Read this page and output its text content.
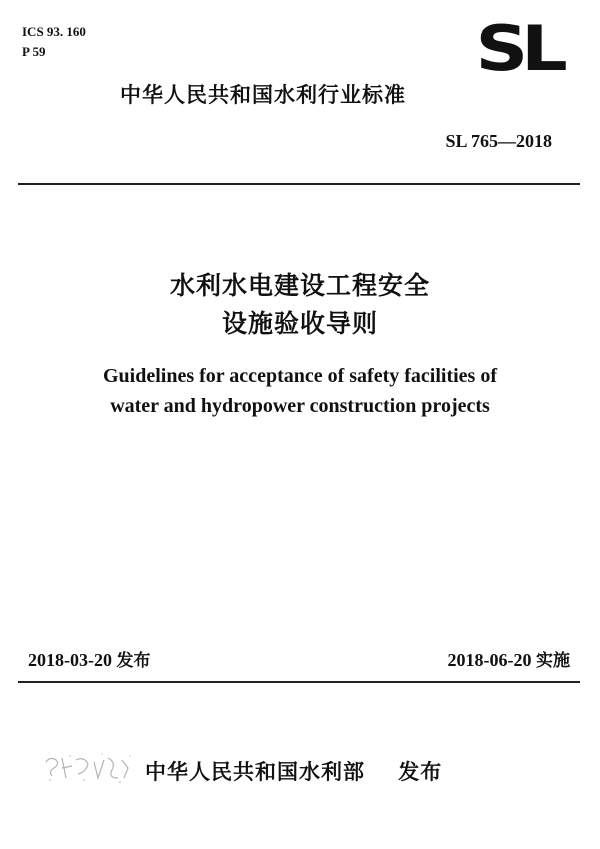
ICS 93. 160
P 59	SL
中华人民共和国水利行业标准
SL 765—2018
水利水电建设工程安全
设施验收导则
Guidelines for acceptance of safety facilities of
water and hydropower construction projects
2018-03-20 发布	2018-06-20 实施
中华人民共和国水利部 发布
